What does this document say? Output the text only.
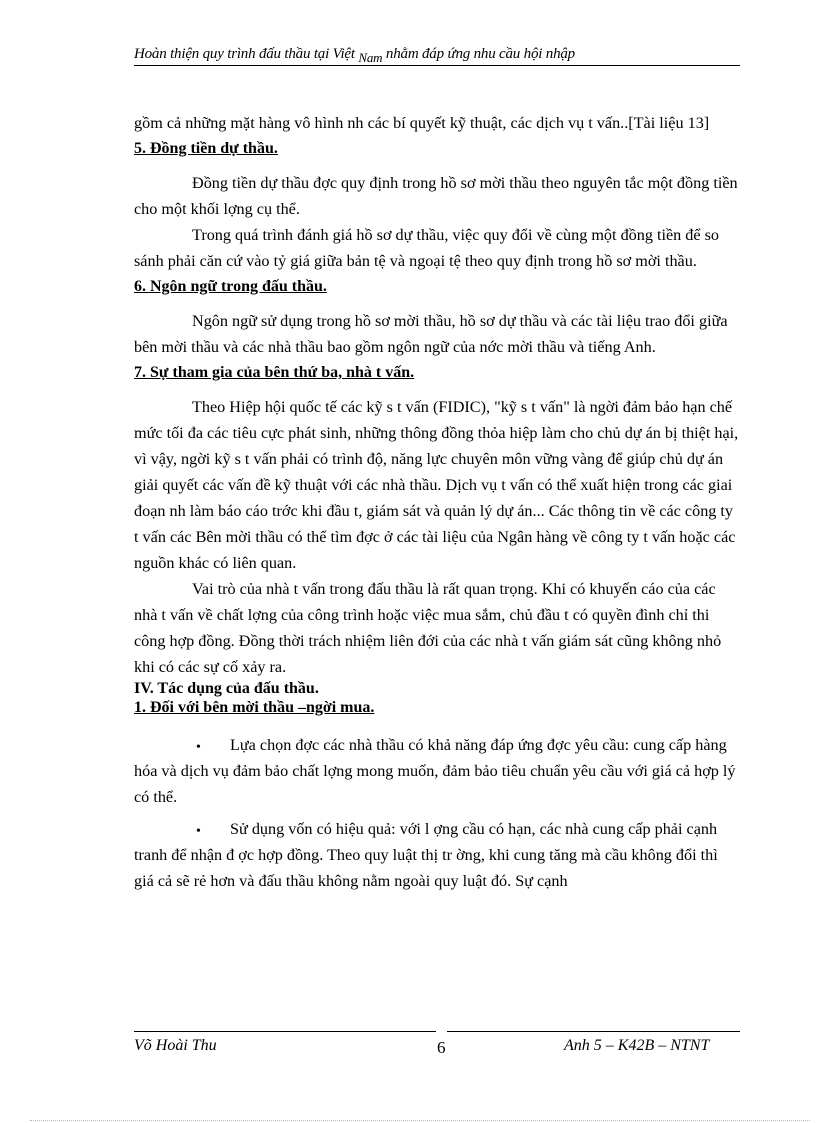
Hoàn thiện quy trình đấu thầu tại Việt Nam nhằm đáp ứng nhu cầu hội nhập

gồm cả những mặt hàng vô hình nh các bí quyết kỹ thuật, các dịch vụ t vấn..[Tài liệu 13]

5. Đồng tiền dự thầu.

Đồng tiền dự thầu đợc quy định trong hồ sơ mời thầu theo nguyên tắc một đồng tiền cho một khối lợng cụ thể.

Trong quá trình đánh giá hồ sơ dự thầu, việc quy đổi về cùng một đồng tiền để so sánh phải căn cứ vào tỷ giá giữa bản tệ và ngoại tệ theo quy định trong hồ sơ mời thầu.

6. Ngôn ngữ trong đấu thầu.

Ngôn ngữ sử dụng trong hồ sơ mời thầu, hồ sơ dự thầu và các tài liệu trao đổi giữa bên mời thầu và các nhà thầu bao gồm ngôn ngữ của nớc mời thầu và tiếng Anh.

7. Sự tham gia của bên thứ ba, nhà t vấn.

Theo Hiệp hội quốc tế các kỹ s t vấn (FIDIC), "kỹ s t vấn" là ngời đảm bảo hạn chế mức tối đa các tiêu cực phát sinh, những thông đồng thỏa hiệp làm cho chủ dự án bị thiệt hại, vì vậy, ngời kỹ s t vấn phải có trình độ, năng lực chuyên môn vững vàng để giúp chủ dự án giải quyết các vấn đề kỹ thuật với các nhà thầu. Dịch vụ t vấn có thể xuất hiện trong các giai đoạn nh làm báo cáo trớc khi đầu t, giám sát và quản lý dự án... Các thông tin về các công ty t vấn các Bên mời thầu có thể tìm đợc ở các tài liệu của Ngân hàng về công ty t vấn hoặc các nguồn khác có liên quan.

Vai trò của nhà t vấn trong đấu thầu là rất quan trọng. Khi có khuyến cáo của các nhà t vấn về chất lợng của công trình hoặc việc mua sắm, chủ đầu t có quyền đình chỉ thi công hợp đồng. Đồng thời trách nhiệm liên đới của các nhà t vấn giám sát cũng không nhỏ khi có các sự cố xảy ra.

IV. Tác dụng của đấu thầu.

1. Đối với bên mời thầu –ngời mua.

• Lựa chọn đợc các nhà thầu có khả năng đáp ứng đợc yêu cầu: cung cấp hàng hóa và dịch vụ đảm bảo chất lợng mong muốn, đảm bảo tiêu chuẩn yêu cầu với giá cả hợp lý có thể.

• Sử dụng vốn có hiệu quả: với l ợng cầu có hạn, các nhà cung cấp phải cạnh tranh để nhận đ ợc hợp đồng. Theo quy luật thị tr ờng, khi cung tăng mà cầu không đổi thì giá cả sẽ rẻ hơn và đấu thầu không nằm ngoài quy luật đó. Sự cạnh

Võ Hoài Thu	6	Anh 5 – K42B – NTNT
